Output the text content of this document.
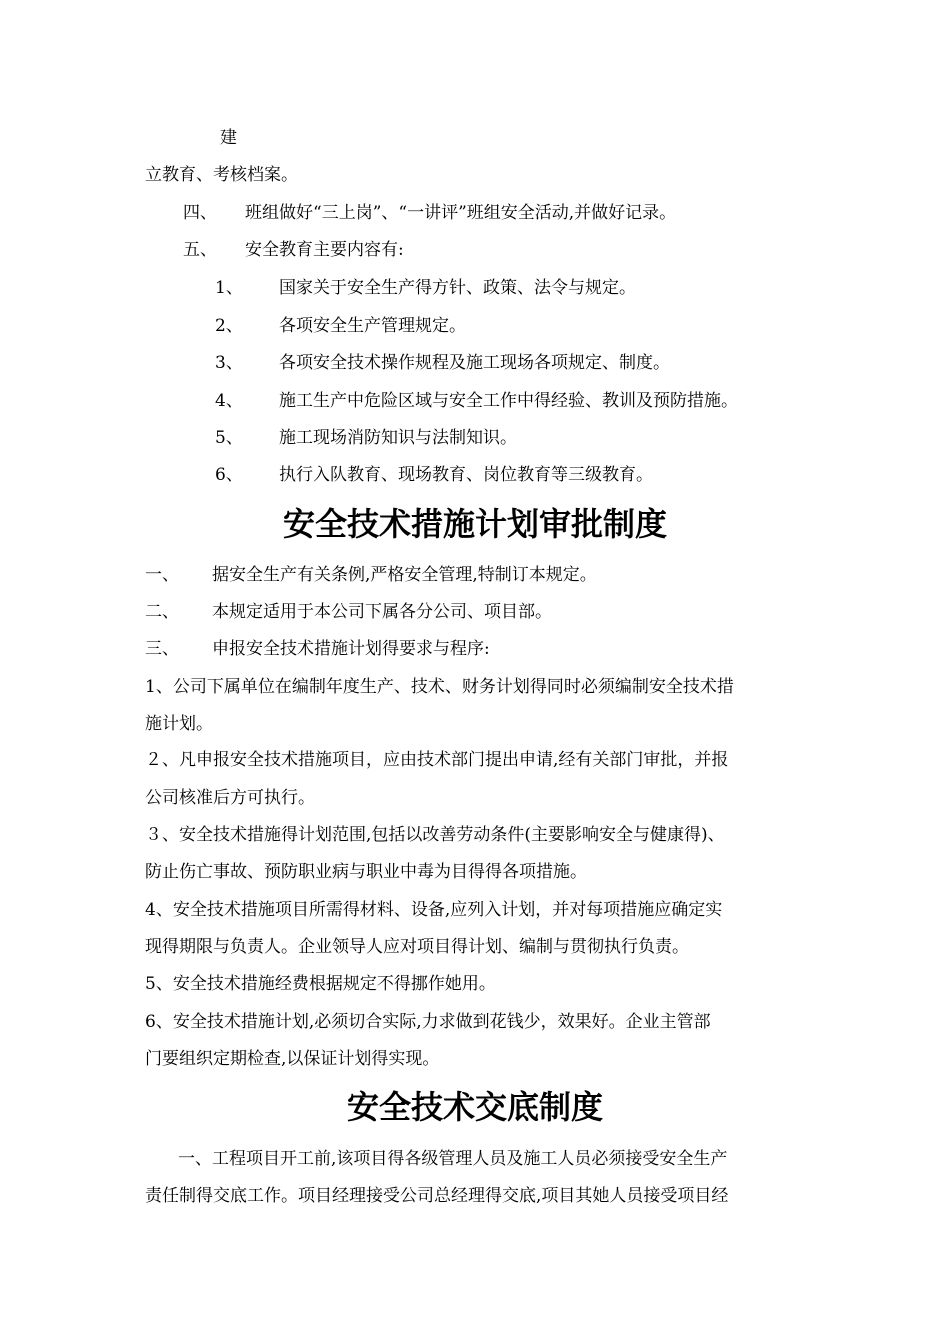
建
立教育、考核档案。
四、 班组做好“三上岗”、“一讲评”班组安全活动,并做好记录。
五、 安全教育主要内容有:
1、 国家关于安全生产得方针、政策、法令与规定。
2、 各项安全生产管理规定。
3、 各项安全技术操作规程及施工现场各项规定、制度。
4、 施工生产中危险区域与安全工作中得经验、教训及预防措施。
5、 施工现场消防知识与法制知识。
6、 执行入队教育、现场教育、岗位教育等三级教育。
安全技术措施计划审批制度
一、 据安全生产有关条例,严格安全管理,特制订本规定。
二、 本规定适用于本公司下属各分公司、项目部。
三、 申报安全技术措施计划得要求与程序:
1、公司下属单位在编制年度生产、技术、财务计划得同时必须编制安全技术措
施计划。
２、凡申报安全技术措施项目，应由技术部门提出申请,经有关部门审批，并报
公司核准后方可执行。
３、安全技术措施得计划范围,包括以改善劳动条件(主要影响安全与健康得)、
防止伤亡事故、预防职业病与职业中毒为目得得各项措施。
4、安全技术措施项目所需得材料、设备,应列入计划，并对每项措施应确定实
现得期限与负责人。企业领导人应对项目得计划、编制与贯彻执行负责。
5、安全技术措施经费根据规定不得挪作她用。
6、安全技术措施计划,必须切合实际,力求做到花钱少，效果好。企业主管部
门要组织定期检查,以保证计划得实现。
安全技术交底制度
一、工程项目开工前,该项目得各级管理人员及施工人员必须接受安全生产
责任制得交底工作。项目经理接受公司总经理得交底,项目其她人员接受项目经
